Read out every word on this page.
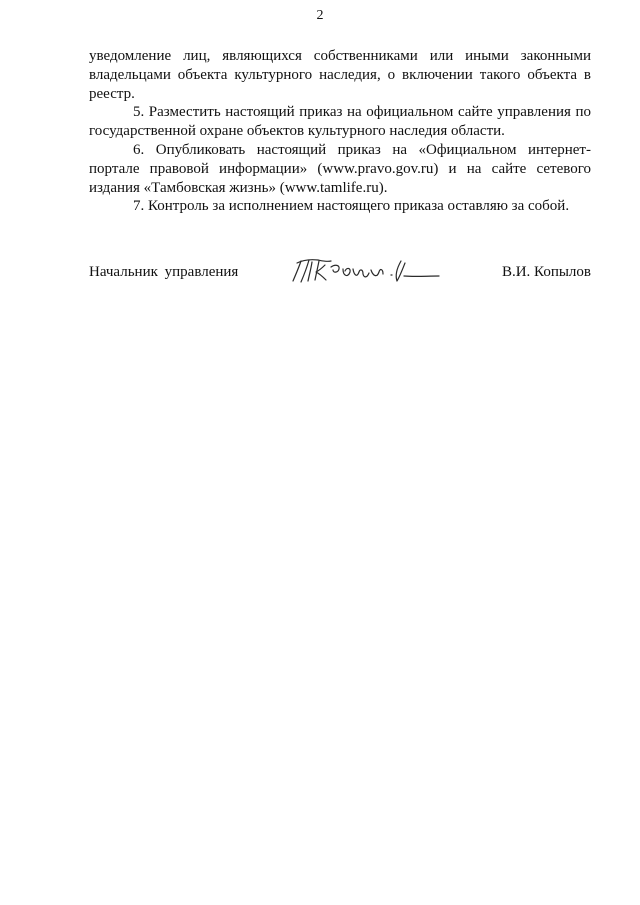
2

уведомление лиц, являющихся собственниками или иными законными владельцами объекта культурного наследия, о включении такого объекта в реестр.

5. Разместить настоящий приказ на официальном сайте управления по государственной охране объектов культурного наследия области.

6. Опубликовать настоящий приказ на «Официальном интернет-портале правовой информации» (www.pravo.gov.ru) и на сайте сетевого издания «Тамбовская жизнь» (www.tamlife.ru).

7. Контроль за исполнением настоящего приказа оставляю за собой.

Начальник управления	В.И. Копылов
